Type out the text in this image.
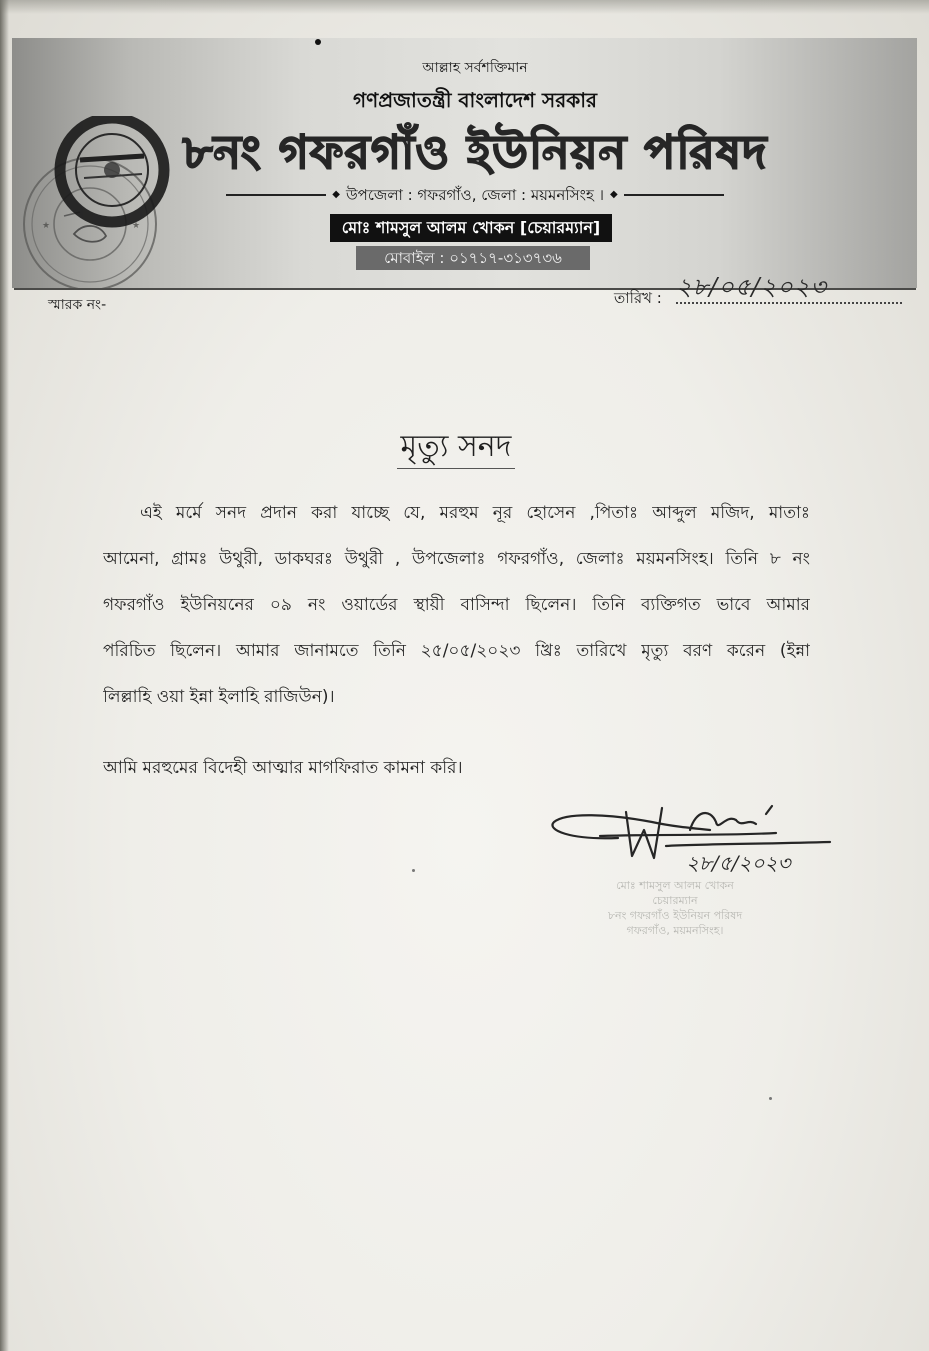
★	★
আল্লাহ সর্বশক্তিমান
গণপ্রজাতন্ত্রী বাংলাদেশ সরকার
৮নং গফরগাঁও ইউনিয়ন পরিষদ
◆ উপজেলা : গফরগাঁও, জেলা : ময়মনসিংহ । ◆
মোঃ শামসুল আলম খোকন [চেয়ারম্যান]
মোবাইল : ০১৭১৭-৩১৩৭৩৬
স্মারক নং-	তারিখ : ২৮/০৫/২০২৩
মৃত্যু সনদ
এই মর্মে সনদ প্রদান করা যাচ্ছে যে, মরহুম নূর হোসেন ,পিতাঃ আব্দুল মজিদ, মাতাঃ
আমেনা, গ্রামঃ উথুরী, ডাকঘরঃ উথুরী , উপজেলাঃ গফরগাঁও, জেলাঃ ময়মনসিংহ। তিনি ৮ নং
গফরগাঁও ইউনিয়নের ০৯ নং ওয়ার্ডের স্থায়ী বাসিন্দা ছিলেন। তিনি ব্যক্তিগত ভাবে আমার
পরিচিত ছিলেন। আমার জানামতে তিনি ২৫/০৫/২০২৩ খ্রিঃ তারিখে মৃত্যু বরণ করেন (ইন্না
লিল্লাহি ওয়া ইন্না ইলাহি রাজিউন)।
আমি মরহুমের বিদেহী আত্মার মাগফিরাত কামনা করি।
২৮/৫/২০২৩
মোঃ শামসুল আলম খোকন
চেয়ারম্যান
৮নং গফরগাঁও ইউনিয়ন পরিষদ
গফরগাঁও, ময়মনসিংহ।
